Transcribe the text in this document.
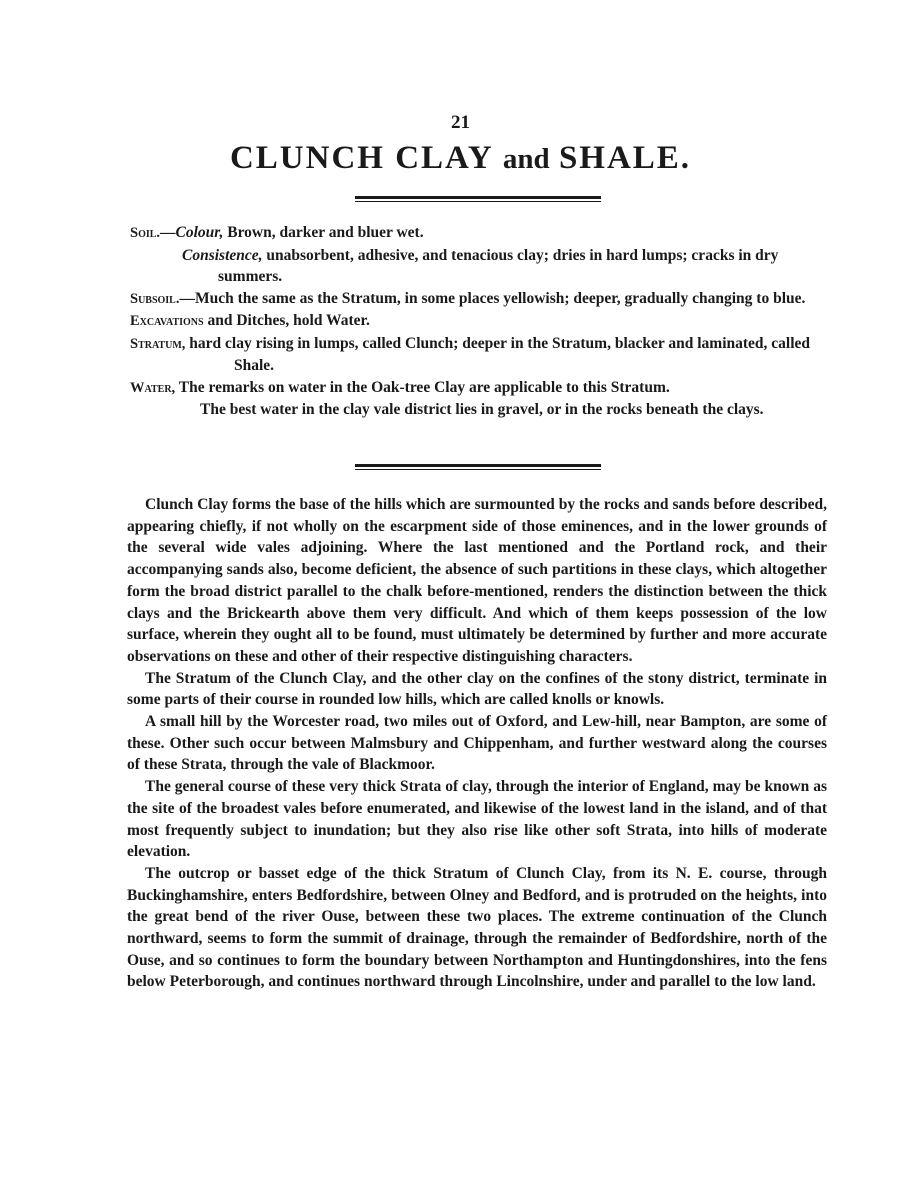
21
CLUNCH CLAY and SHALE.

Soil.—Colour, Brown, darker and bluer wet.

Consistence, unabsorbent, adhesive, and tenacious clay; dries in hard lumps; cracks in dry summers.

Subsoil.—Much the same as the Stratum, in some places yellowish; deeper, gradually changing to blue.

Excavations and Ditches, hold Water.

Stratum, hard clay rising in lumps, called Clunch; deeper in the Stratum, blacker and laminated, called Shale.

Water, The remarks on water in the Oak-tree Clay are applicable to this Stratum.

The best water in the clay vale district lies in gravel, or in the rocks beneath the clays.

Clunch Clay forms the base of the hills which are surmounted by the rocks and sands before described, appearing chiefly, if not wholly on the escarpment side of those eminences, and in the lower grounds of the several wide vales adjoining. Where the last mentioned and the Portland rock, and their accompanying sands also, become deficient, the absence of such partitions in these clays, which altogether form the broad district parallel to the chalk before-mentioned, renders the distinction between the thick clays and the Brickearth above them very difficult. And which of them keeps possession of the low surface, wherein they ought all to be found, must ultimately be determined by further and more accurate observations on these and other of their respective distinguishing characters.

The Stratum of the Clunch Clay, and the other clay on the confines of the stony district, terminate in some parts of their course in rounded low hills, which are called knolls or knowls.

A small hill by the Worcester road, two miles out of Oxford, and Lew-hill, near Bampton, are some of these. Other such occur between Malmsbury and Chippenham, and further westward along the courses of these Strata, through the vale of Blackmoor.

The general course of these very thick Strata of clay, through the interior of England, may be known as the site of the broadest vales before enumerated, and likewise of the lowest land in the island, and of that most frequently subject to inundation; but they also rise like other soft Strata, into hills of moderate elevation.

The outcrop or basset edge of the thick Stratum of Clunch Clay, from its N. E. course, through Buckinghamshire, enters Bedfordshire, between Olney and Bedford, and is protruded on the heights, into the great bend of the river Ouse, between these two places. The extreme continuation of the Clunch northward, seems to form the summit of drainage, through the remainder of Bedfordshire, north of the Ouse, and so continues to form the boundary between Northampton and Huntingdonshires, into the fens below Peterborough, and continues northward through Lincolnshire, under and parallel to the low land.
